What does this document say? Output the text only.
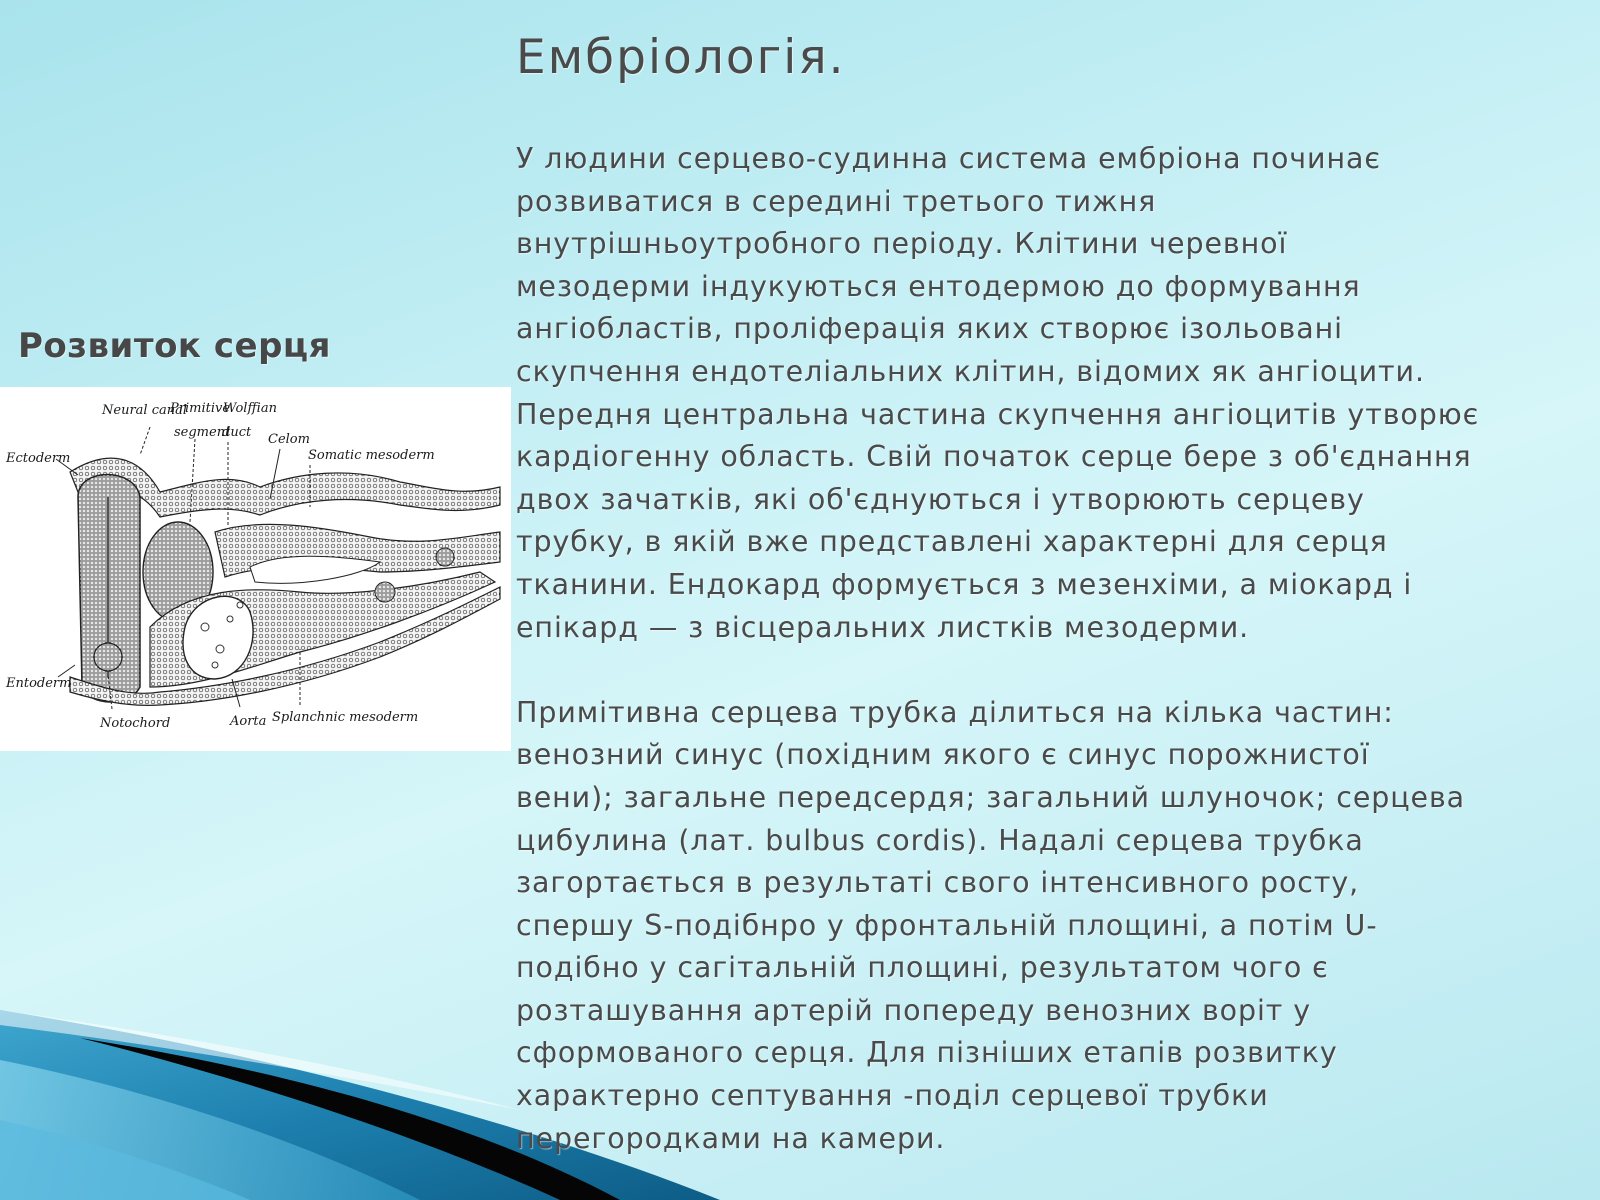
Ембріологія.

У людини серцево-судинна система ембріона починає
розвиватися в середині третього тижня
внутрішньоутробного періоду. Клітини черевної
мезодерми індукуються ентодермою до формування
ангіобластів, проліферація яких створює ізольовані
скупчення ендотеліальних клітин, відомих як ангіоцити.
Передня центральна частина скупчення ангіоцитів утворює
кардіогенну область. Свій початок серце бере з об'єднання
двох зачатків, які об'єднуються і утворюють серцеву
трубку, в якій вже представлені характерні для серця
тканини. Ендокард формується з мезенхіми, а міокард і
епікард — з вісцеральних листків мезодерми.

Примітивна серцева трубка ділиться на кілька частин:
венозний синус (похідним якого є синус порожнистої
вени); загальне передсердя; загальний шлуночок; серцева
цибулина (лат. bulbus cordis). Надалі серцева трубка
загортається в результаті свого інтенсивного росту,
спершу S-подібнро у фронтальній площині, а потім U-
подібно у сагітальній площині, результатом чого є
розташування артерій попереду венозних воріт у
сформованого серця. Для пізніших етапів розвитку
характерно септування -поділ серцевої трубки
перегородками на камери.

Розвиток серця
Neural canal
Primitive
segment
Wolffian
duct Celom
Somatic mesoderm
Ectoderm
Entoderm
Notochord	Aorta Splanchnic mesoderm
